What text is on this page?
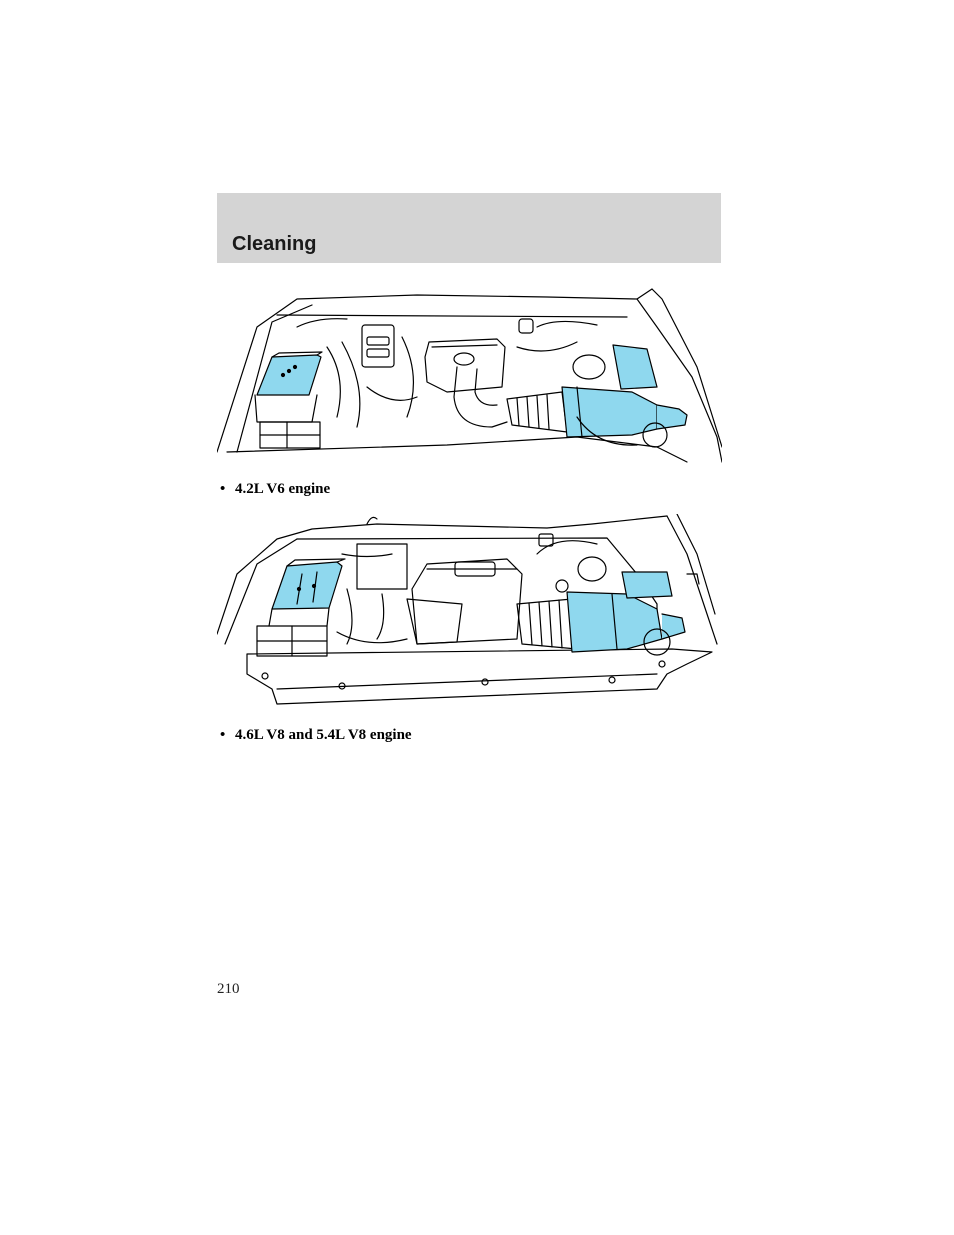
Cleaning
• 4.2L V6 engine
• 4.6L V8 and 5.4L V8 engine
210
